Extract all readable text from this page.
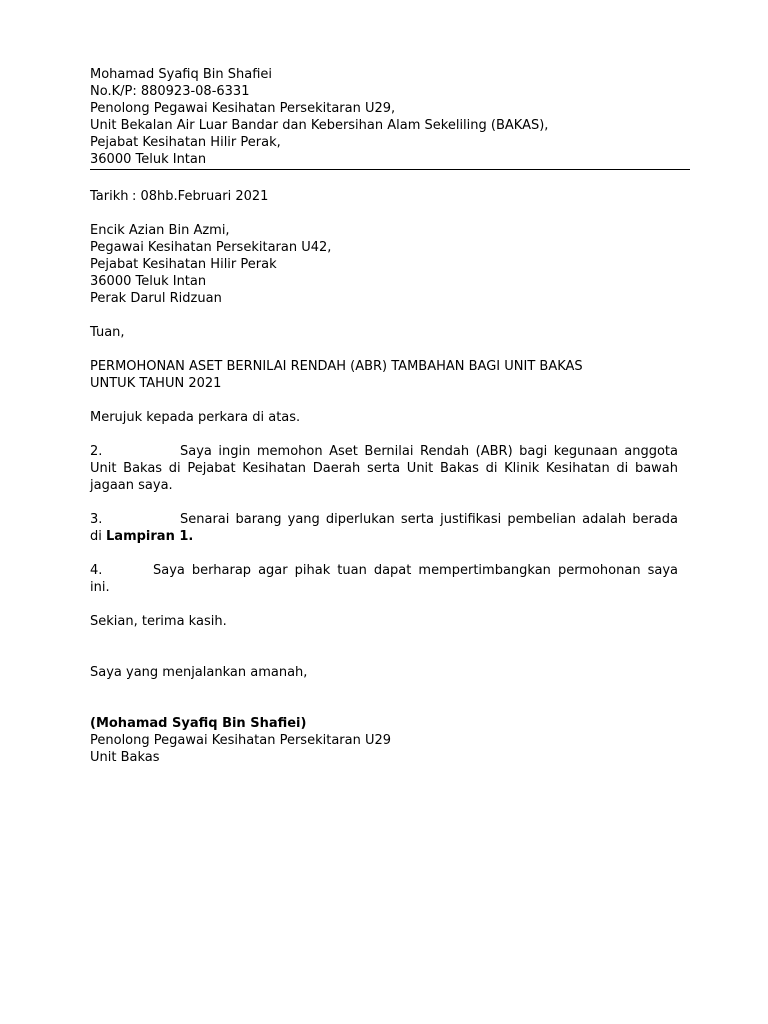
Mohamad Syafiq Bin Shafiei
No.K/P: 880923-08-6331
Penolong Pegawai Kesihatan Persekitaran U29,
Unit Bekalan Air Luar Bandar dan Kebersihan Alam Sekeliling (BAKAS),
Pejabat Kesihatan Hilir Perak,
36000 Teluk Intan
Tarikh : 08hb.Februari 2021
Encik Azian Bin Azmi,
Pegawai Kesihatan Persekitaran U42,
Pejabat Kesihatan Hilir Perak
36000 Teluk Intan
Perak Darul Ridzuan
Tuan,
PERMOHONAN ASET BERNILAI RENDAH (ABR) TAMBAHAN BAGI UNIT BAKAS
UNTUK TAHUN 2021
Merujuk kepada perkara di atas.

2.	Saya ingin memohon Aset Bernilai Rendah (ABR) bagi kegunaan anggota Unit Bakas di Pejabat Kesihatan Daerah serta Unit Bakas di Klinik Kesihatan di bawah jagaan saya.

3.	Senarai barang yang diperlukan serta justifikasi pembelian adalah berada di Lampiran 1.

4.	Saya berharap agar pihak tuan dapat mempertimbangkan permohonan saya ini.

Sekian, terima kasih.
Saya yang menjalankan amanah,
(Mohamad Syafiq Bin Shafiei)
Penolong Pegawai Kesihatan Persekitaran U29
Unit Bakas
